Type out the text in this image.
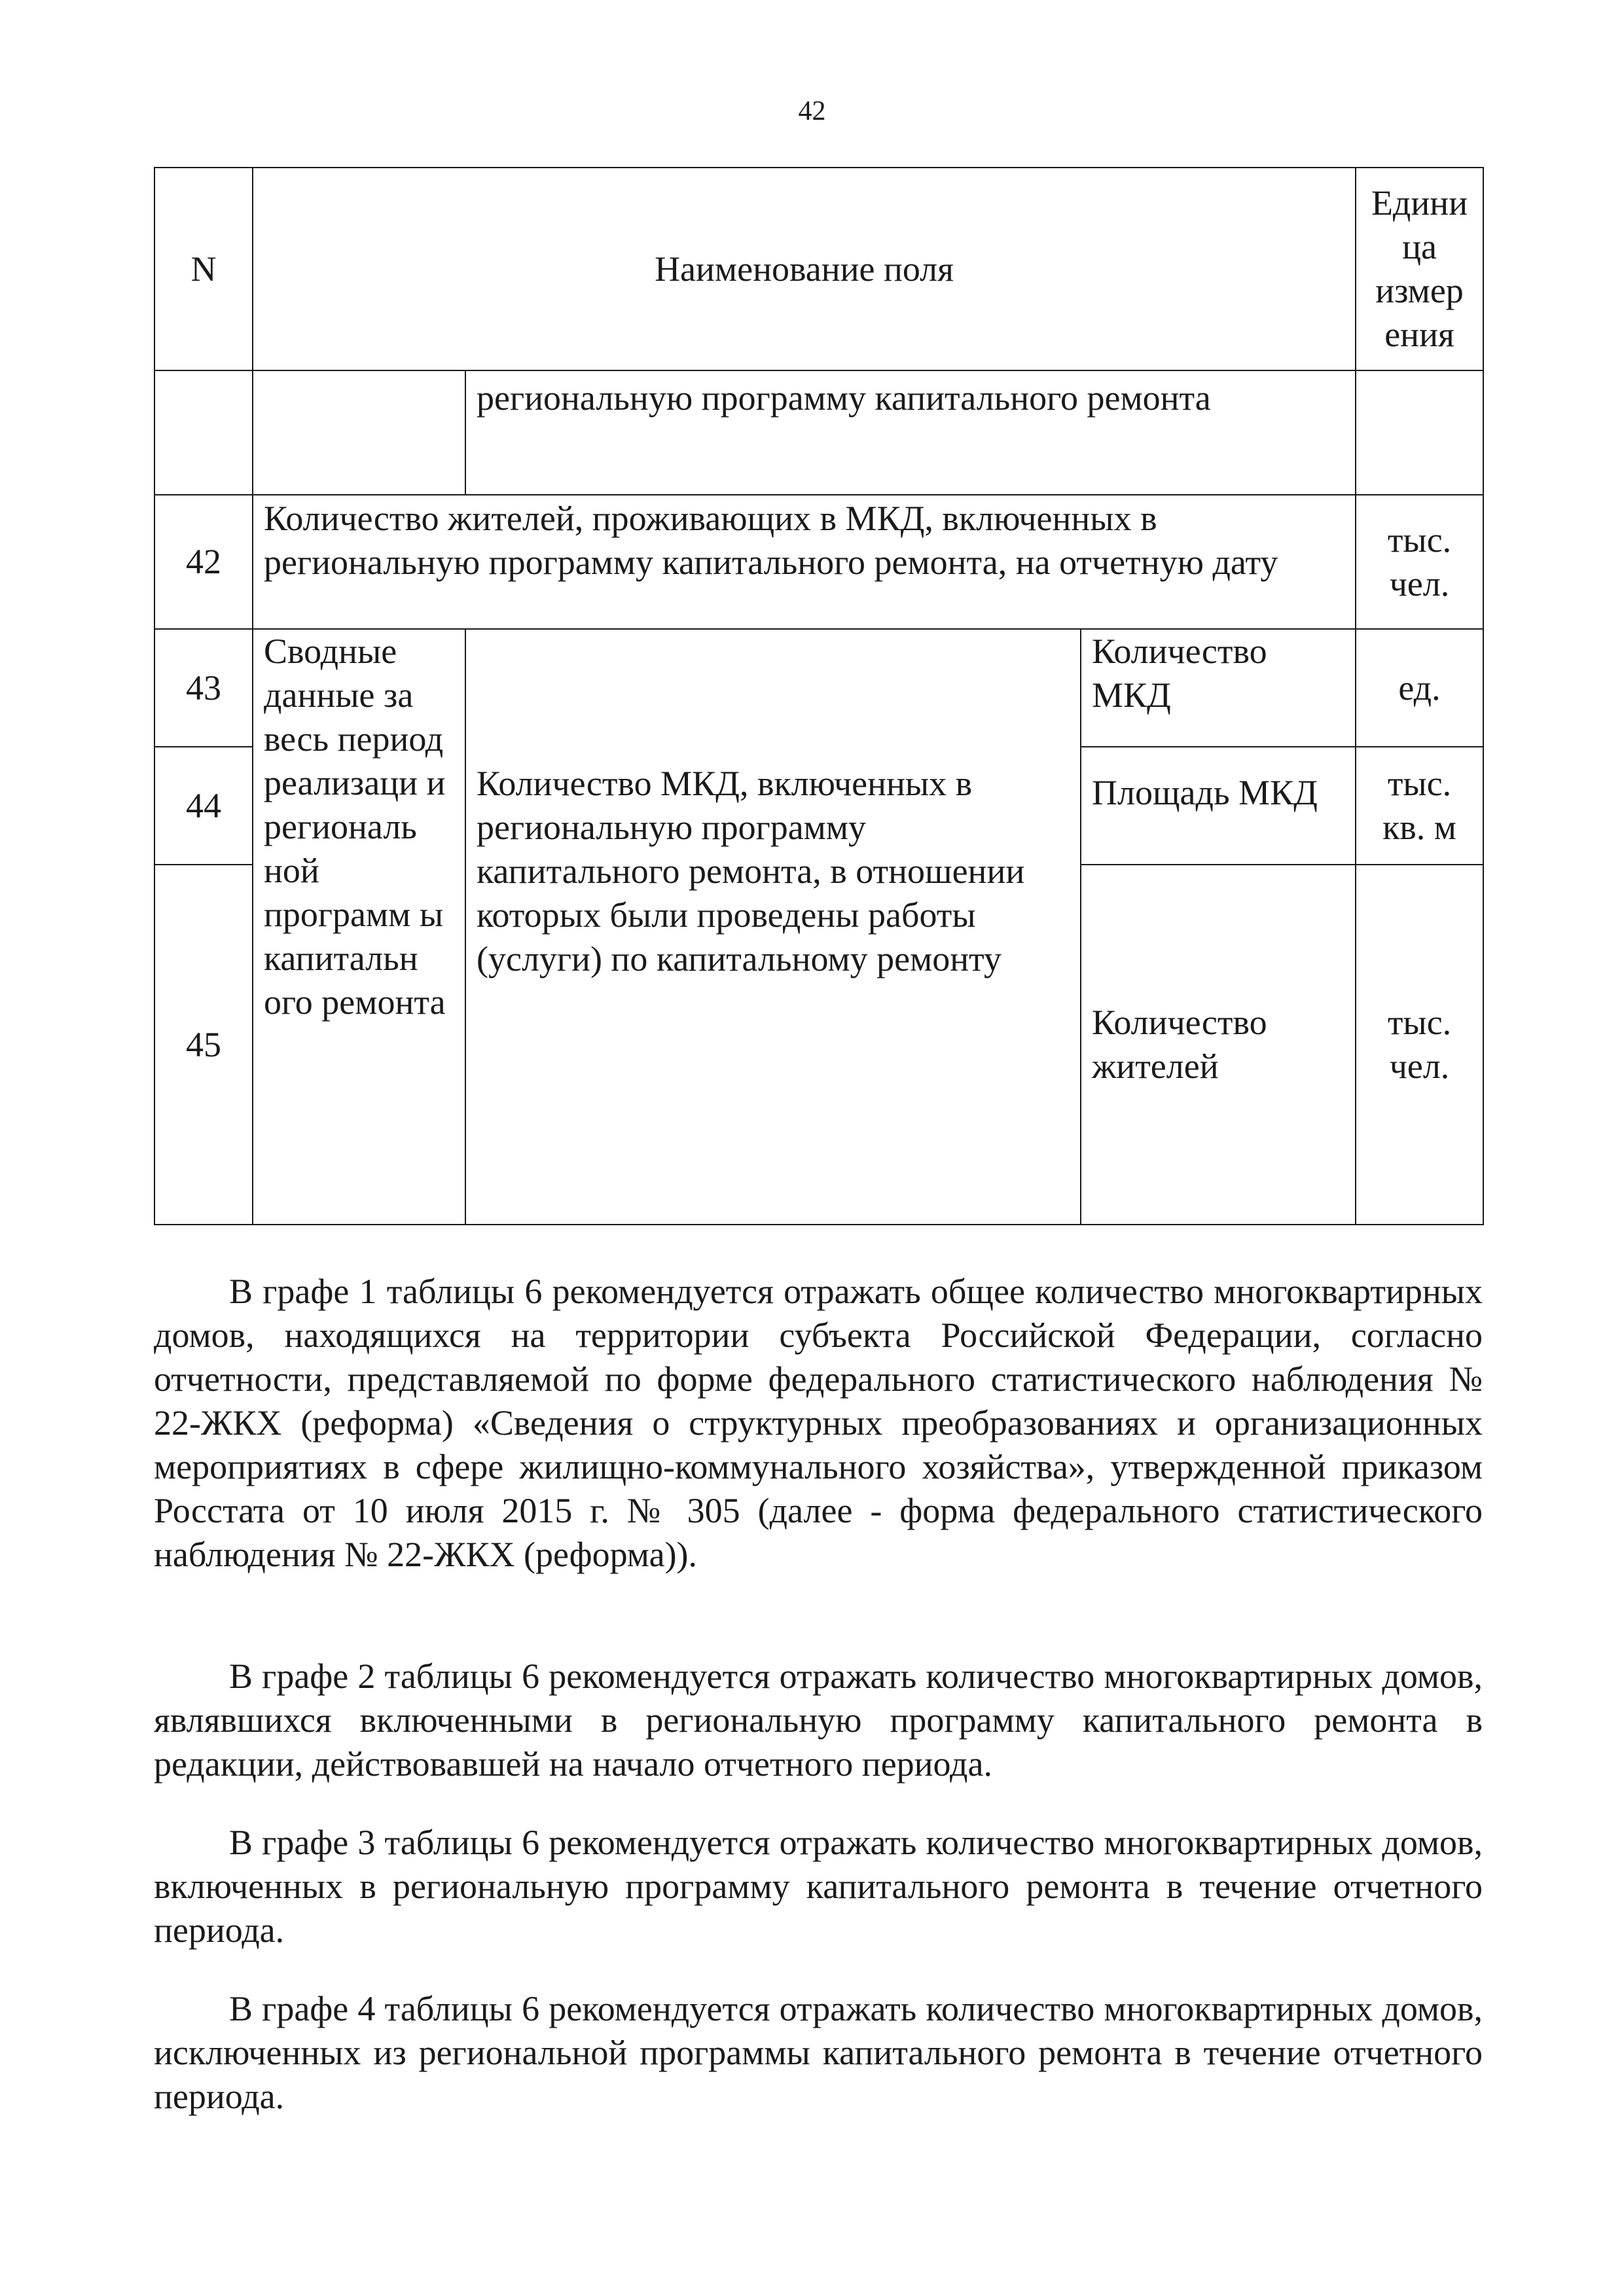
42
N	Наименование поля			Едини ца измер ения
		региональную программу капитального ремонта		
42	Количество жителей, проживающих в МКД, включенных в региональную программу капитального ремонта, на отчетную дату			тыс. чел.
43	Сводные данные за весь период реализаци и региональ ной программ ы капитальн ого ремонта	Количество МКД, включенных в региональную программу капитального ремонта, в отношении которых были проведены работы (услуги) по капитальному ремонту	Количество МКД	ед.
44			Площадь МКД	тыс. кв. м
45			Количество жителей	тыс. чел.

В графе 1 таблицы 6 рекомендуется отражать общее количество многоквартирных домов, находящихся на территории субъекта Российской Федерации, согласно отчетности, представляемой по форме федерального статистического наблюдения № 22-ЖКХ (реформа) «Сведения о структурных преобразованиях и организационных мероприятиях в сфере жилищно-коммунального хозяйства», утвержденной приказом Росстата от 10 июля 2015 г. № 305 (далее - форма федерального статистического наблюдения № 22-ЖКХ (реформа)).

В графе 2 таблицы 6 рекомендуется отражать количество многоквартирных домов, являвшихся включенными в региональную программу капитального ремонта в редакции, действовавшей на начало отчетного периода.

В графе 3 таблицы 6 рекомендуется отражать количество многоквартирных домов, включенных в региональную программу капитального ремонта в течение отчетного периода.

В графе 4 таблицы 6 рекомендуется отражать количество многоквартирных домов, исключенных из региональной программы капитального ремонта в течение отчетного периода.
